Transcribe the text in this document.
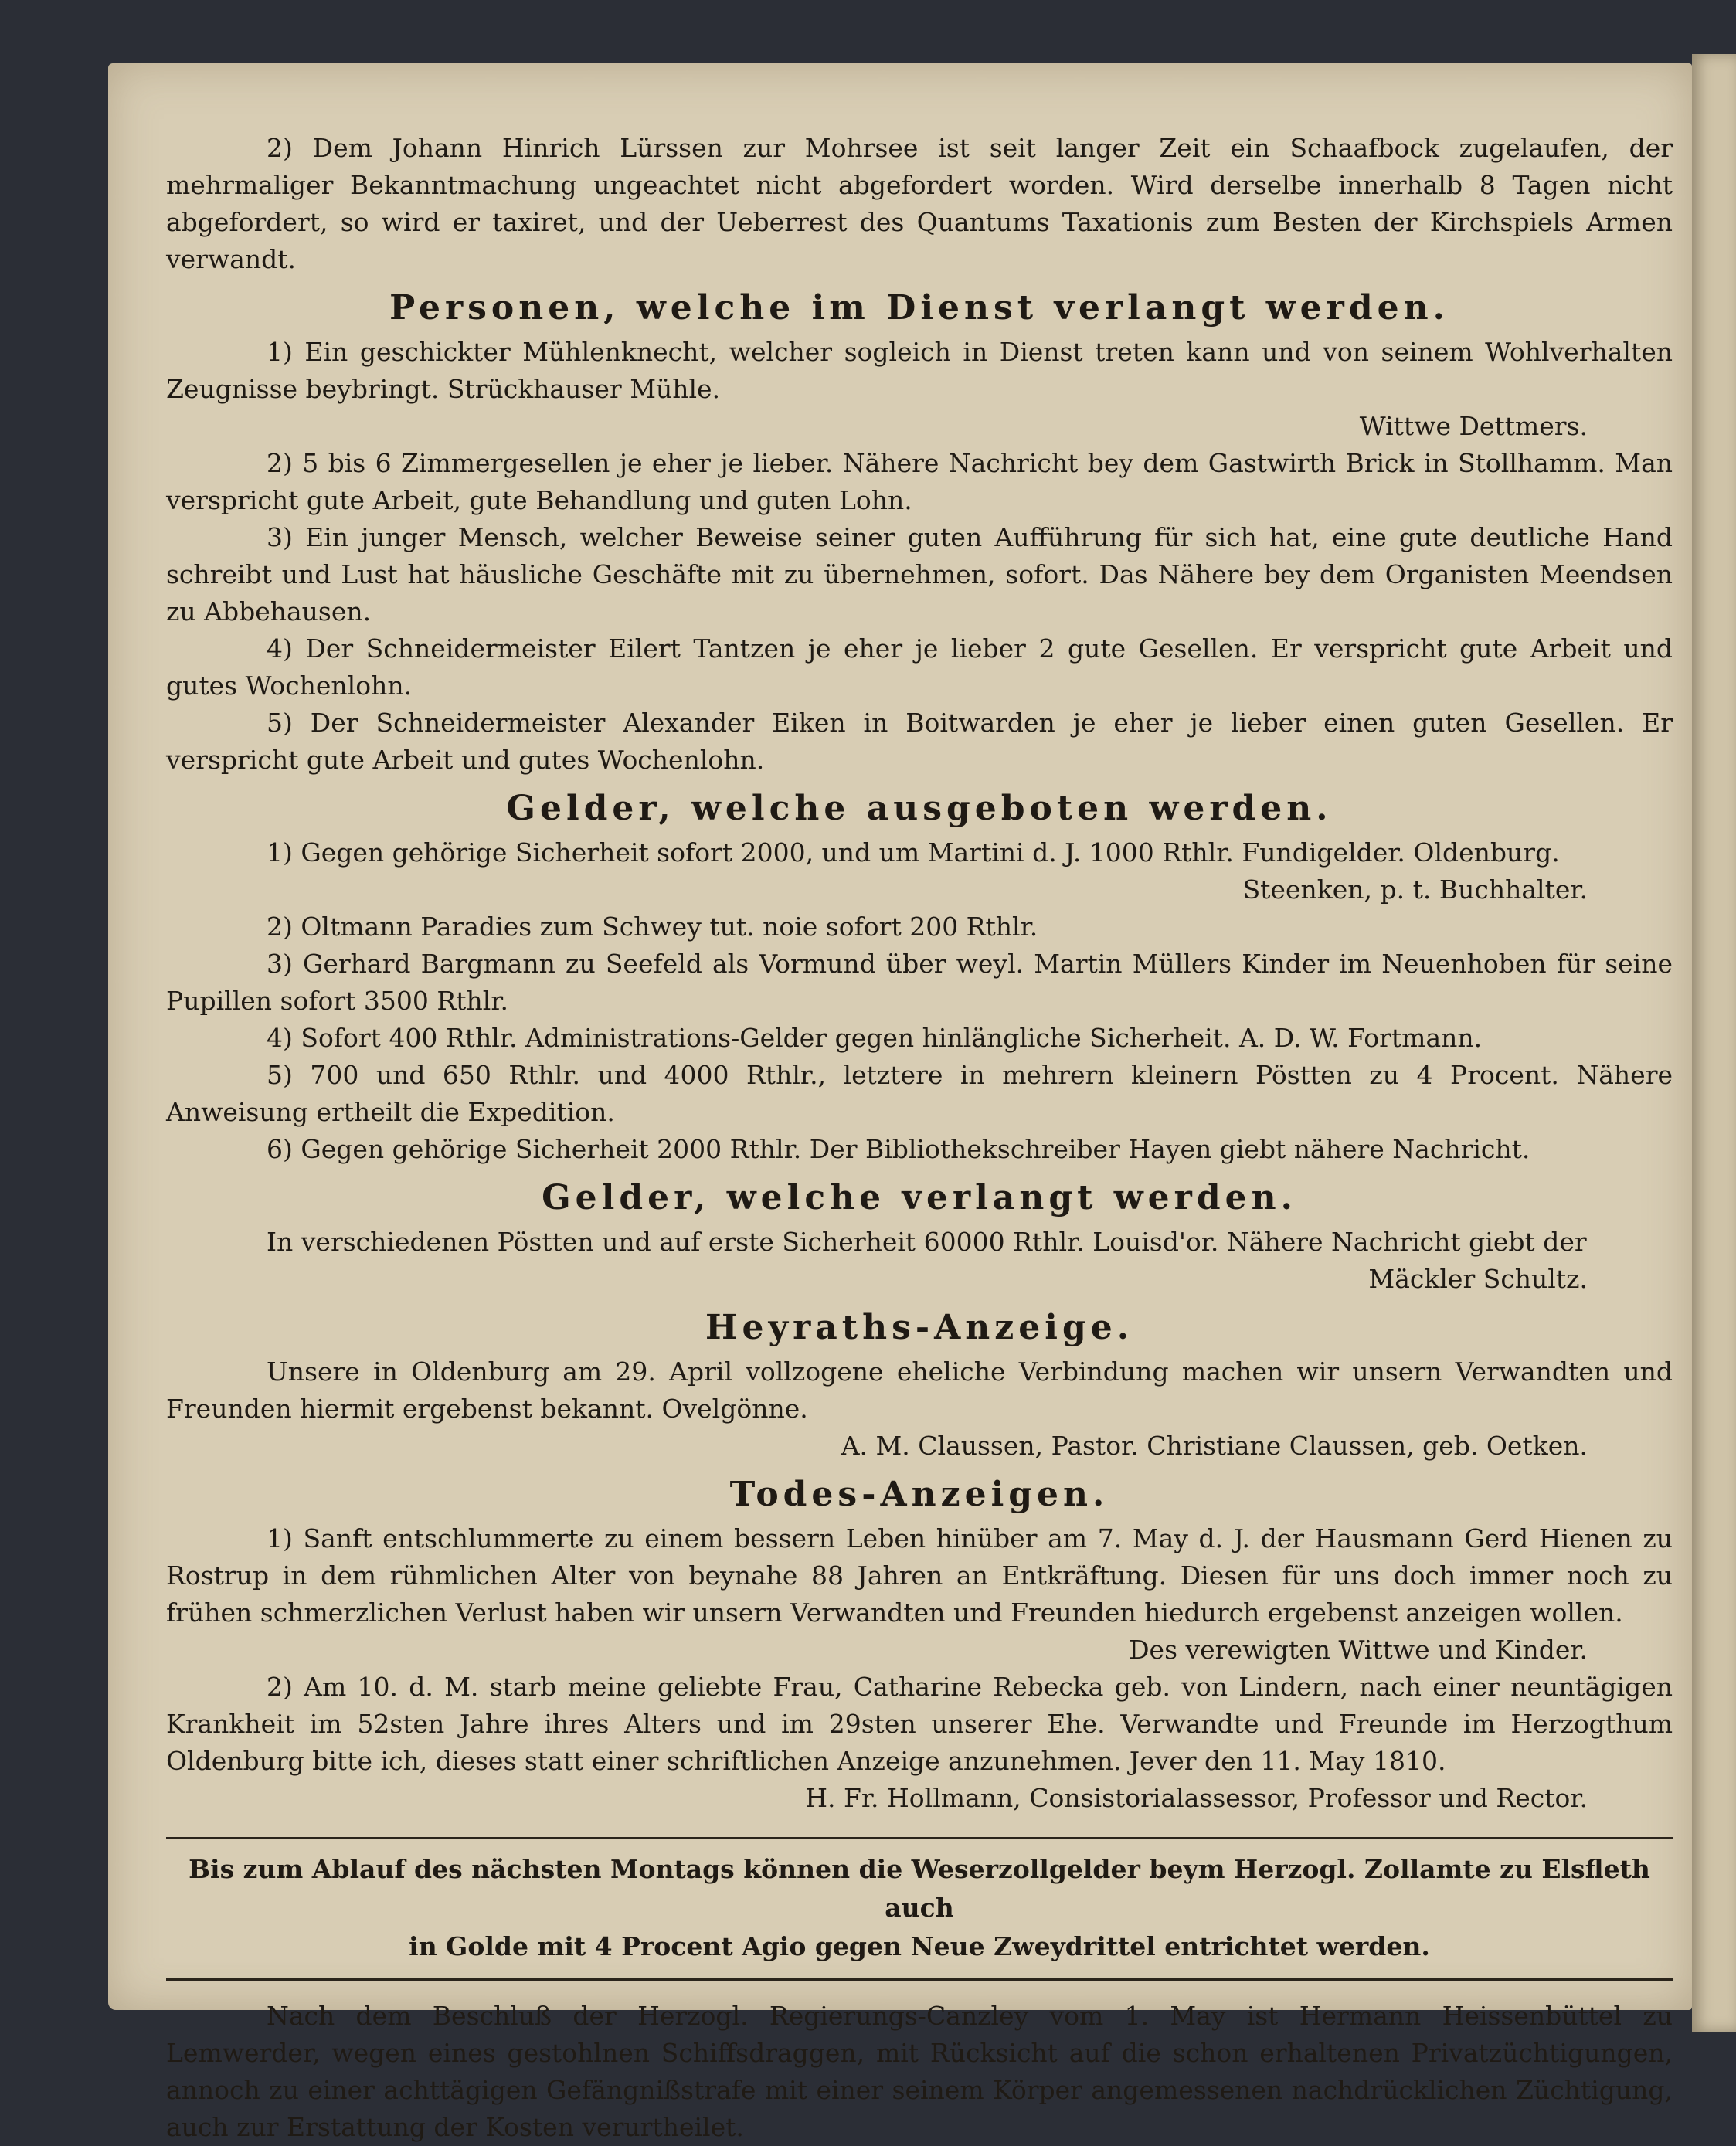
2) Dem Johann Hinrich Lürssen zur Mohrsee ist seit langer Zeit ein Schaafbock zugelaufen, der mehrmaliger Bekanntmachung ungeachtet nicht abgefordert worden. Wird derselbe innerhalb 8 Tagen nicht abgefordert, so wird er taxiret, und der Ueberrest des Quantums Taxationis zum Besten der Kirchspiels Armen verwandt.

Personen, welche im Dienst verlangt werden.

1) Ein geschickter Mühlenknecht, welcher sogleich in Dienst treten kann und von seinem Wohlverhalten Zeugnisse beybringt. Strückhauser Mühle.

Wittwe Dettmers.

2) 5 bis 6 Zimmergesellen je eher je lieber. Nähere Nachricht bey dem Gastwirth Brick in Stollhamm. Man verspricht gute Arbeit, gute Behandlung und guten Lohn.

3) Ein junger Mensch, welcher Beweise seiner guten Aufführung für sich hat, eine gute deutliche Hand schreibt und Lust hat häusliche Geschäfte mit zu übernehmen, sofort. Das Nähere bey dem Organisten Meendsen zu Abbehausen.

4) Der Schneidermeister Eilert Tantzen je eher je lieber 2 gute Gesellen. Er verspricht gute Arbeit und gutes Wochenlohn.

5) Der Schneidermeister Alexander Eiken in Boitwarden je eher je lieber einen guten Gesellen. Er verspricht gute Arbeit und gutes Wochenlohn.

Gelder, welche ausgeboten werden.

1) Gegen gehörige Sicherheit sofort 2000, und um Martini d. J. 1000 Rthlr. Fundigelder. Oldenburg.

Steenken, p. t. Buchhalter.

2) Oltmann Paradies zum Schwey tut. noie sofort 200 Rthlr.

3) Gerhard Bargmann zu Seefeld als Vormund über weyl. Martin Müllers Kinder im Neuenhoben für seine Pupillen sofort 3500 Rthlr.

4) Sofort 400 Rthlr. Administrations-Gelder gegen hinlängliche Sicherheit. A. D. W. Fortmann.

5) 700 und 650 Rthlr. und 4000 Rthlr., letztere in mehrern kleinern Pöstten zu 4 Procent. Nähere Anweisung ertheilt die Expedition.

6) Gegen gehörige Sicherheit 2000 Rthlr. Der Bibliothekschreiber Hayen giebt nähere Nachricht.

Gelder, welche verlangt werden.

In verschiedenen Pöstten und auf erste Sicherheit 60000 Rthlr. Louisd'or. Nähere Nachricht giebt der

Mäckler Schultz.

Heyraths-Anzeige.

Unsere in Oldenburg am 29. April vollzogene eheliche Verbindung machen wir unsern Verwandten und Freunden hiermit ergebenst bekannt. Ovelgönne.

A. M. Claussen, Pastor. Christiane Claussen, geb. Oetken.

Todes-Anzeigen.

1) Sanft entschlummerte zu einem bessern Leben hinüber am 7. May d. J. der Hausmann Gerd Hienen zu Rostrup in dem rühmlichen Alter von beynahe 88 Jahren an Entkräftung. Diesen für uns doch immer noch zu frühen schmerzlichen Verlust haben wir unsern Verwandten und Freunden hiedurch ergebenst anzeigen wollen.

Des verewigten Wittwe und Kinder.

2) Am 10. d. M. starb meine geliebte Frau, Catharine Rebecka geb. von Lindern, nach einer neuntägigen Krankheit im 52sten Jahre ihres Alters und im 29sten unserer Ehe. Verwandte und Freunde im Herzogthum Oldenburg bitte ich, dieses statt einer schriftlichen Anzeige anzunehmen. Jever den 11. May 1810.

H. Fr. Hollmann, Consistorialassessor, Professor und Rector.

Bis zum Ablauf des nächsten Montags können die Weserzollgelder beym Herzogl. Zollamte zu Elsfleth auch
in Golde mit 4 Procent Agio gegen Neue Zweydrittel entrichtet werden.

Nach dem Beschluß der Herzogl. Regierungs-Canzley vom 1. May ist Hermann Heissenbüttel zu Lemwerder, wegen eines gestohlnen Schiffsdraggen, mit Rücksicht auf die schon erhaltenen Privatzüchtigungen, annoch zu einer achttägigen Gefängnißstrafe mit einer seinem Körper angemessenen nachdrücklichen Züchtigung, auch zur Erstattung der Kosten verurtheilet.
